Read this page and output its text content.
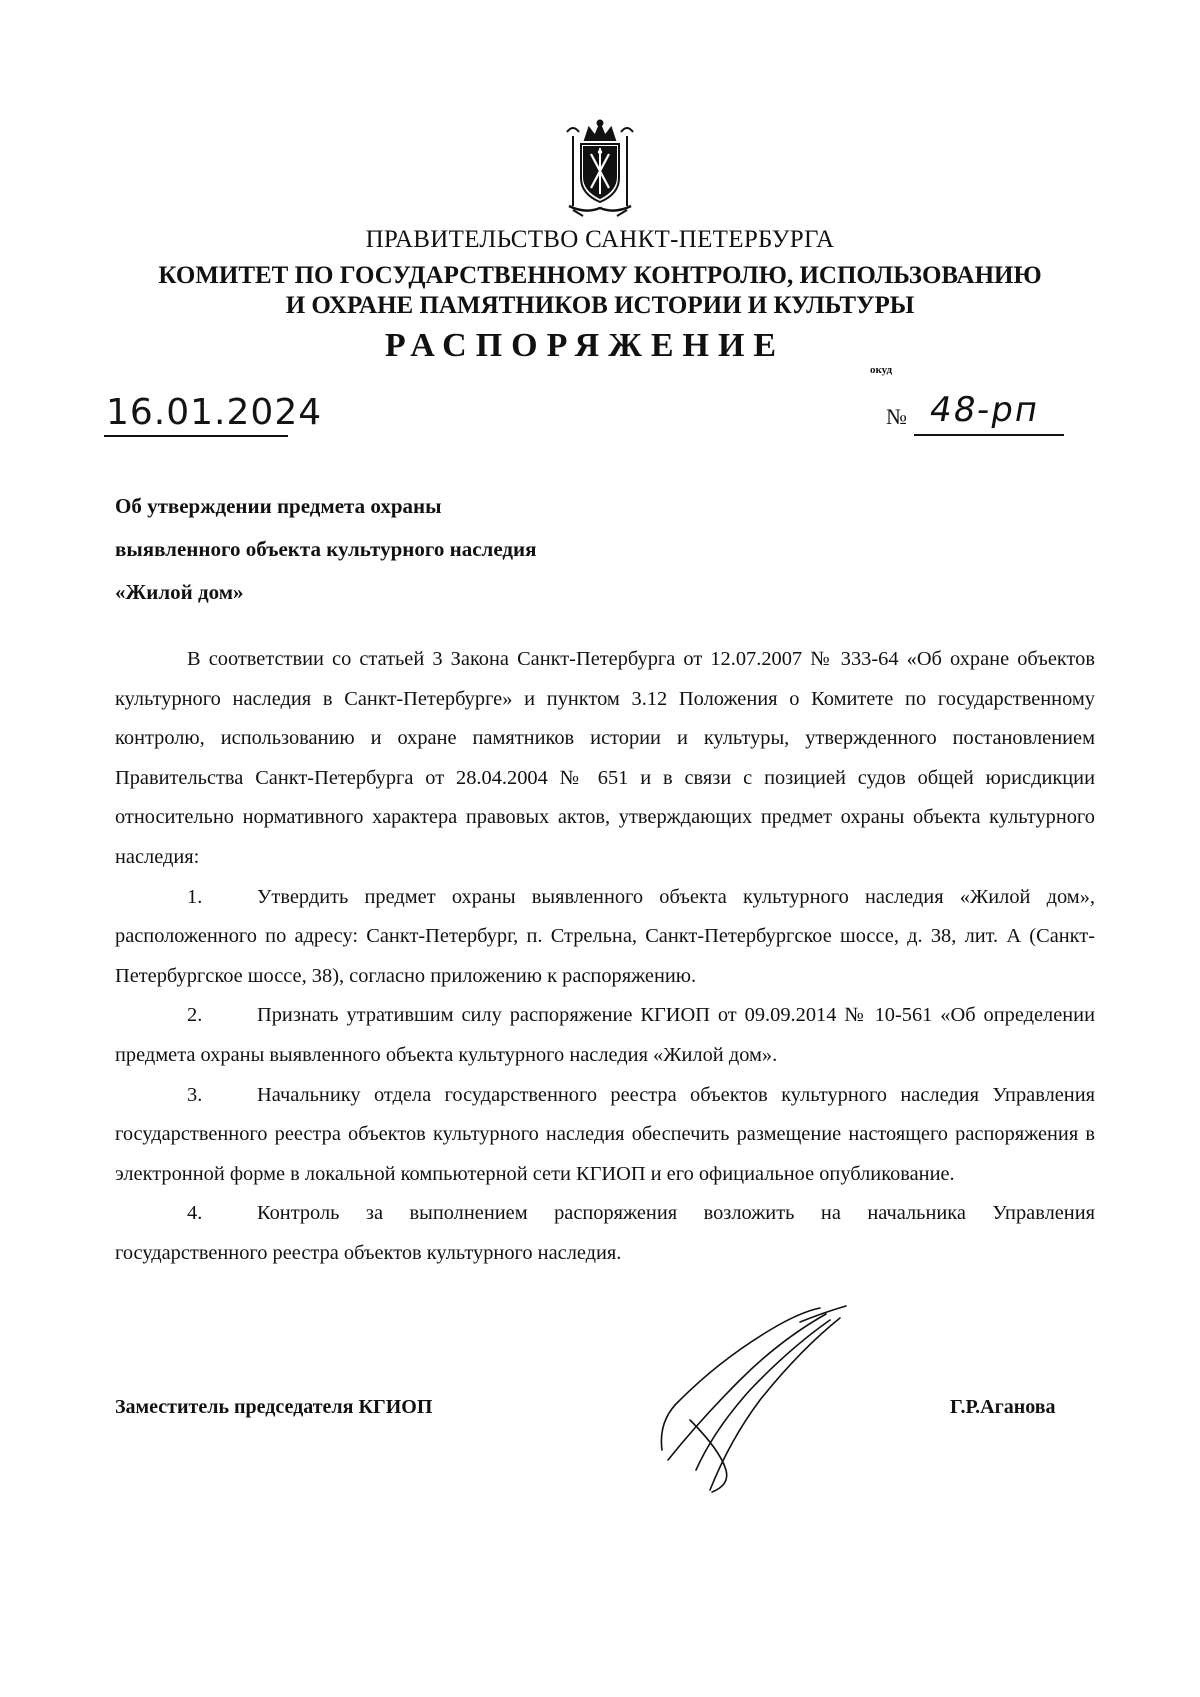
ПРАВИТЕЛЬСТВО САНКТ-ПЕТЕРБУРГА
КОМИТЕТ ПО ГОСУДАРСТВЕННОМУ КОНТРОЛЮ, ИСПОЛЬЗОВАНИЮ
И ОХРАНЕ ПАМЯТНИКОВ ИСТОРИИ И КУЛЬТУРЫ
РАСПОРЯЖЕНИЕ
окуд
16.01.2024	№ 48-рп
Об утверждении предмета охраны
выявленного объекта культурного наследия
«Жилой дом»

В соответствии со статьей 3 Закона Санкт-Петербурга от 12.07.2007 № 333-64 «Об охране объектов культурного наследия в Санкт-Петербурге» и пунктом 3.12 Положения о Комитете по государственному контролю, использованию и охране памятников истории и культуры, утвержденного постановлением Правительства Санкт-Петербурга от 28.04.2004 № 651 и в связи с позицией судов общей юрисдикции относительно нормативного характера правовых актов, утверждающих предмет охраны объекта культурного наследия:

1.	Утвердить предмет охраны выявленного объекта культурного наследия «Жилой дом», расположенного по адресу: Санкт-Петербург, п. Стрельна, Санкт-Петербургское шоссе, д. 38, лит. А (Санкт-Петербургское шоссе, 38), согласно приложению к распоряжению.

2.	Признать утратившим силу распоряжение КГИОП от 09.09.2014 № 10-561 «Об определении предмета охраны выявленного объекта культурного наследия «Жилой дом».

3.	Начальнику отдела государственного реестра объектов культурного наследия Управления государственного реестра объектов культурного наследия обеспечить размещение настоящего распоряжения в электронной форме в локальной компьютерной сети КГИОП и его официальное опубликование.

4.	Контроль за выполнением распоряжения возложить на начальника Управления государственного реестра объектов культурного наследия.

Заместитель председателя КГИОП	Г.Р.Аганова
